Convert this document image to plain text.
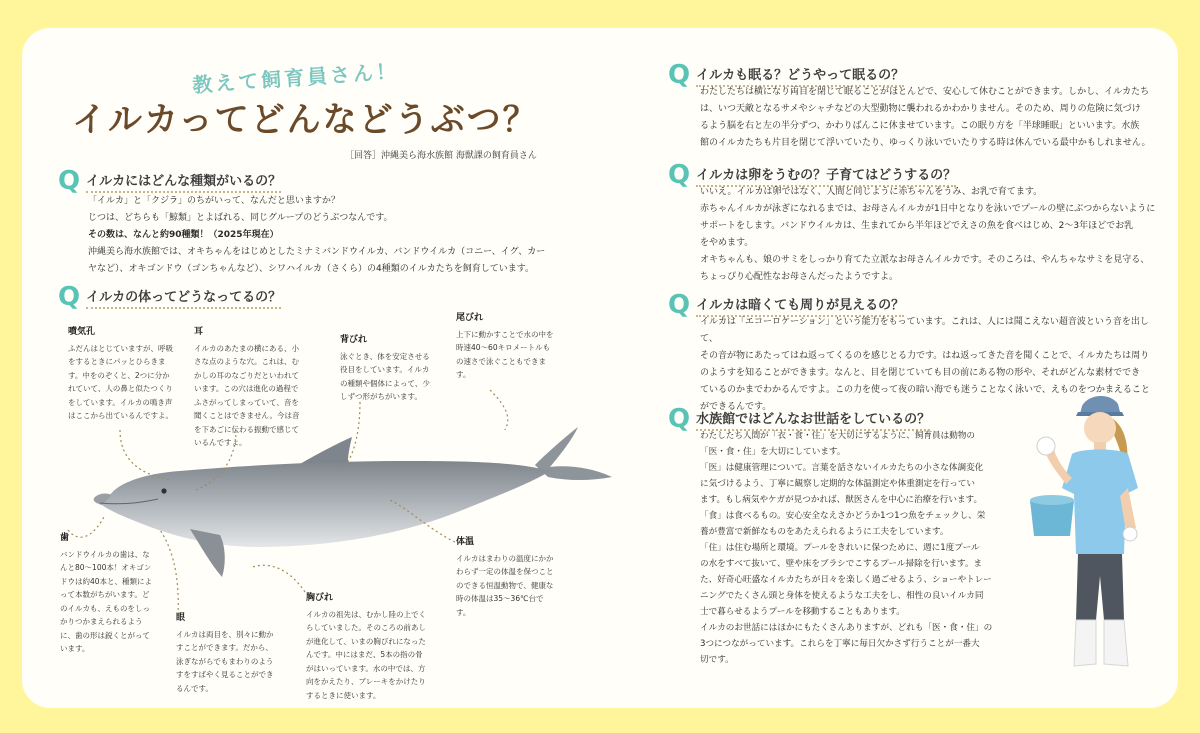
教えて飼育員さん！
イルカってどんなどうぶつ？
［回答］沖縄美ら海水族館 海獣課の飼育員さん
Q イルカにはどんな種類がいるの？

「イルカ」と「クジラ」のちがいって、なんだと思いますか？

じつは、どちらも「鯨類」とよばれる、同じグループのどうぶつなんです。

その数は、なんと約90種類！（2025年現在）

沖縄美ら海水族館では、オキちゃんをはじめとしたミナミバンドウイルカ、バンドウイルカ（コニー、イグ、カー

ヤなど）、オキゴンドウ（ゴンちゃんなど）、シワハイルカ（さくら）の4種類のイルカたちを飼育しています。

Q イルカの体ってどうなってるの？
噴気孔
ふだんはとじていますが、呼吸をするときにパッとひらきます。中をのぞくと、2つに分かれていて、人の鼻と似たつくりをしています。イルカの鳴き声はここから出ているんですよ。
耳
イルカのあたまの横にある、小さな点のような穴。これは、むかしの耳のなごりだといわれています。この穴は進化の過程でふさがってしまっていて、音を聞くことはできません。今は音を下あごに伝わる振動で感じているんですよ。
背びれ
泳ぐとき、体を安定させる役目をしています。イルカの種類や個体によって、少しずつ形がちがいます。
尾びれ
上下に動かすことで水の中を時速40〜60キロメートルもの速さで泳ぐこともできます。
歯
バンドウイルカの歯は、なんと80〜100本！オキゴンドウは約40本と、種類によって本数がちがいます。どのイルカも、えものをしっかりつかまえられるように、歯の形は鋭くとがっています。
眼
イルカは両目を、別々に動かすことができます。だから、泳ぎながらでもまわりのようすをすばやく見ることができるんです。
胸びれ
イルカの祖先は、むかし陸の上でくらしていました。そのころの前あしが進化して、いまの胸びれになったんです。中にはまだ、5本の指の骨がはいっています。水の中では、方向をかえたり、ブレーキをかけたりするときに使います。
体温
イルカはまわりの温度にかかわらず一定の体温を保つことのできる恒温動物で、健康な時の体温は35〜36℃台です。
Q イルカも眠る？どうやって眠るの？

わたしたちは横になり両目を閉じて眠ることがほとんどで、安心して休むことができます。しかし、イルカたち

は、いつ天敵となるサメやシャチなどの大型動物に襲われるかわかりません。そのため、周りの危険に気づけ

るよう脳を右と左の半分ずつ、かわりばんこに休ませています。この眠り方を「半球睡眠」といいます。水族

館のイルカたちも片目を閉じて浮いていたり、ゆっくり泳いでいたりする時は休んでいる最中かもしれません。

Q イルカは卵をうむの？子育てはどうするの？

いいえ。イルカは卵ではなく、人間と同じように赤ちゃんをうみ、お乳で育てます。

赤ちゃんイルカが泳ぎになれるまでは、お母さんイルカが1日中となりを泳いでプールの壁にぶつからないように

サポートをします。バンドウイルカは、生まれてから半年ほどでえさの魚を食べはじめ、2〜3年ほどでお乳

をやめます。

オキちゃんも、娘のサミをしっかり育てた立派なお母さんイルカです。そのころは、やんちゃなサミを見守る、

ちょっぴり心配性なお母さんだったようですよ。

Q イルカは暗くても周りが見えるの？

イルカは「エコーロケーション」という能力をもっています。これは、人には聞こえない超音波という音を出して、

その音が物にあたってはね返ってくるのを感じとる力です。はね返ってきた音を聞くことで、イルカたちは周り

のようすを知ることができます。なんと、目を閉じていても目の前にある物の形や、それがどんな素材ででき

ているのかまでわかるんですよ。この力を使って夜の暗い海でも迷うことなく泳いで、えものをつかまえること

ができるんです。

Q 水族館ではどんなお世話をしているの？

わたしたち人間が「衣・食・住」を大切にするように、飼育員は動物の

「医・食・住」を大切にしています。

「医」は健康管理について。言葉を話さないイルカたちの小さな体調変化

に気づけるよう、丁寧に観察し定期的な体温測定や体重測定を行ってい

ます。もし病気やケガが見つかれば、獣医さんを中心に治療を行います。

「食」は食べるもの。安心安全なえさかどうか1つ1つ魚をチェックし、栄

養が豊富で新鮮なものをあたえられるように工夫をしています。

「住」は住む場所と環境。プールをきれいに保つために、週に1度プール

の水をすべて抜いて、壁や床をブラシでこするプール掃除を行います。ま

た、好奇心旺盛なイルカたちが日々を楽しく過ごせるよう、ショーやトレー

ニングでたくさん頭と身体を使えるような工夫をし、相性の良いイルカ同

士で暮らせるようプールを移動することもあります。

イルカのお世話にはほかにもたくさんありますが、どれも「医・食・住」の

3つにつながっています。これらを丁寧に毎日欠かさず行うことが一番大

切です。
